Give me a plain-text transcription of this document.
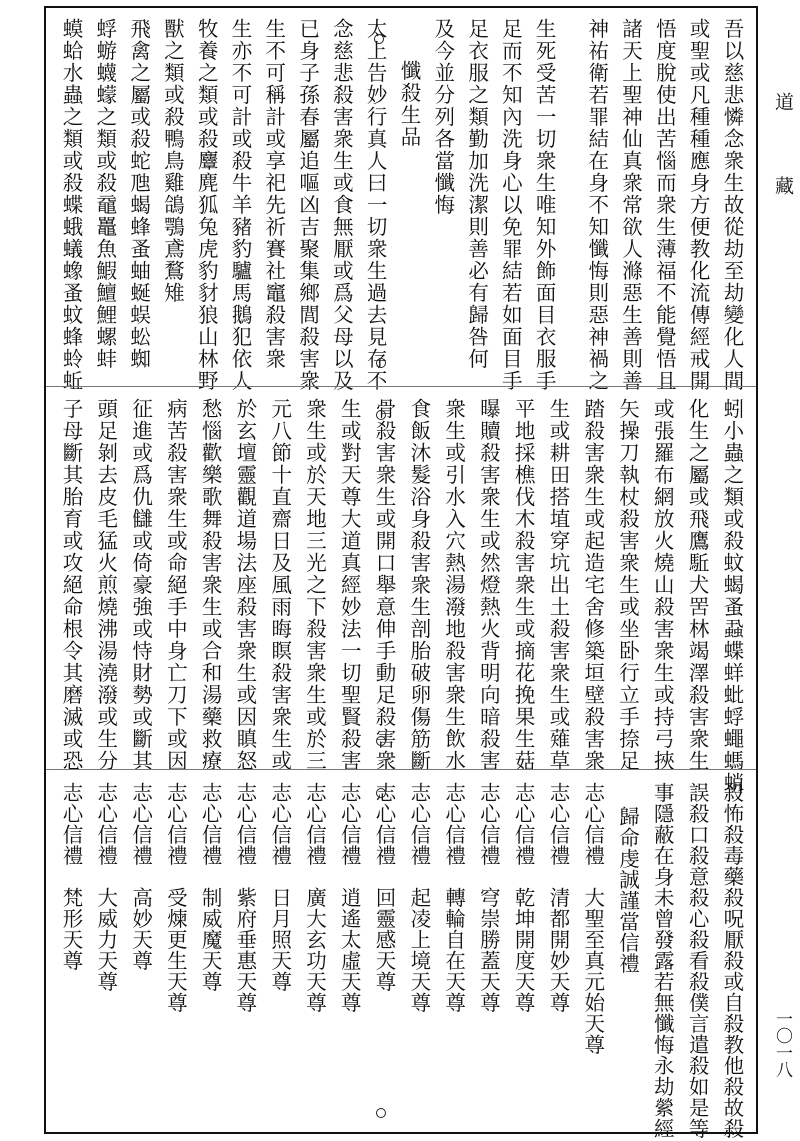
吾以慈悲憐念衆生故從劫至劫變化人間
或聖或凡種種應身方便教化流傳經戒開
悟度脫使出苦惱而衆生薄福不能覺悟且
諸天上聖神仙真衆常欲人滌惡生善則善
神祐衛若罪結在身不知懺悔則惡神禍之
生死受苦一切衆生唯知外飾面目衣服手
足而不知內洗身心以免罪結若如面目手
足衣服之類勤加洗潔則善必有歸咎何
及今並分列各當懺悔
懺殺生品
太上告妙行真人曰一切衆生過去見存不
念慈悲殺害衆生或食無厭或爲父母以及
已身子孫春屬追嘔凶吉聚集鄉閭殺害衆
生不可稱計或享祀先祈賽社竈殺害衆
生亦不可計或殺牛羊豬豹驢馬鵝犯依人
牧養之類或殺麞麂狐兔虎豹豺狼山林野
獸之類或殺鴨鳥雞鴿鶚鳶鶩雉
飛禽之屬或殺蛇虺蝎蜂蚤蚰蜒蜈蚣蜘
蜉蝣蠛蠓之類或殺黿鼉魚鰕鱣鯉螺蚌
蟆蛤水蟲之類或殺蝶蛾蟻蟓蚤蚊蜂蛉蚯
蚓小蟲之類或殺蚊蝎蚤蝨蝶蛘蚍蜉蠅螞蛸
化生之屬或飛鷹駈犬罟林竭澤殺害衆生
或張羅布網放火燒山殺害衆生或持弓挾
矢操刀執杖殺害衆生或坐卧行立手捺足
踏殺害衆生或起造宅舍修築垣壁殺害衆
生或耕田搭埴穿坑出土殺害衆生或薙草
平地採樵伐木殺害衆生或摘花挽果生菇
曝贖殺害衆生或然燈熱火背明向暗殺害
衆生或引水入穴熱湯潑地殺害衆生飲水
食飯沐髮浴身殺害衆生剖胎破卵傷筋斷
骨殺害衆生或開口舉意伸手動足殺害衆
生或對天尊大道真經妙法一切聖賢殺害
衆生或於天地三光之下殺害衆生或於三
元八節十直齋日及風雨晦瞑殺害衆生或
於玄壇靈觀道場法座殺害衆生或因瞋怒
愁惱歡樂歌舞殺害衆生或合和湯藥救療
病苦殺害衆生或命絕手中身亡刀下或因
征進或爲仇讎或倚豪強或恃財勢或斷其
頭足剝去皮毛猛火煎燒沸湯澆潑或生分
子母斷其胎育或攻絕命根令其磨滅或恐
殺怖殺毒藥殺呪厭殺或自殺教他殺故殺
誤殺口殺意殺心殺看殺僕言遣殺如是等
事隱蔽在身未曾發露若無懺悔永劫縈經
歸命虔誠謹當信禮
志心信禮　大聖至真元始天尊
志心信禮　清都開妙天尊
志心信禮　乾坤開度天尊
志心信禮　穹崇勝蓋天尊
志心信禮　轉輪自在天尊
志心信禮　起凌上境天尊
志心信禮　回靈感天尊
志心信禮　逍遙太虛天尊
志心信禮　廣大玄功天尊
志心信禮　日月照天尊
志心信禮　紫府垂惠天尊
志心信禮　制威魔天尊
志心信禮　受煉更生天尊
志心信禮　高妙天尊
志心信禮　大威力天尊
志心信禮　梵形天尊
道
藏
一〇一八
